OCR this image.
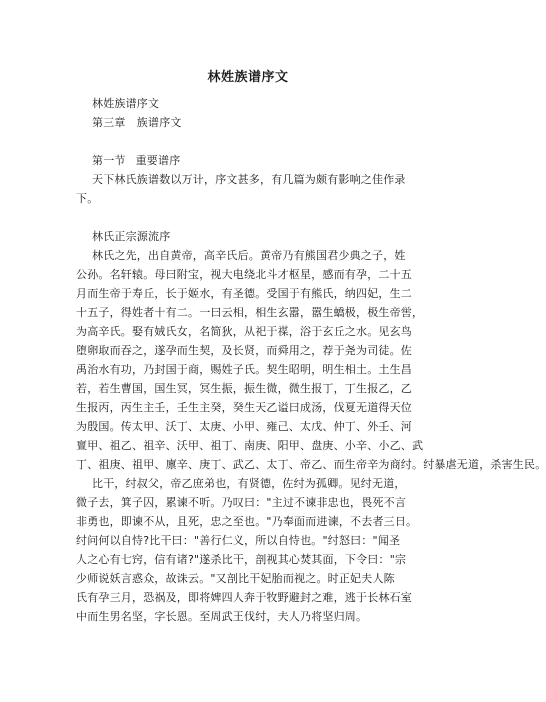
林姓族谱序文
林姓族谱序文
第三章　族谱序文
第一节 重要谱序
天下林氏族谱数以万计，序文甚多，有几篇为颇有影响之佳作录
下。
林氏正宗源流序
林氏之先，出自黄帝，高辛氏后。黄帝乃有熊国君少典之子，姓
公孙。名轩辕。母曰附宝，视大电绕北斗才枢星，感而有孕，二十五
月而生帝于寿丘，长于姬水，有圣德。受国于有熊氏，纳四妃，生二
十五子，得姓者十有二。一曰云相，相生玄嚣，嚣生蟜极，极生帝喾，
为高辛氏。娶有娀氏女，名简狄，从祀于禖，浴于玄丘之水。见玄鸟
堕卵取而吞之，遂孕而生契，及长贤，而舜用之，荐于尧为司徒。佐
禹治水有功，乃封国于商，赐姓子氏。契生昭明，明生相土。土生昌
若，若生曹国，国生冥，冥生振，振生微，微生报丁，丁生报乙，乙
生报丙，丙生主壬，壬生主癸，癸生天乙谥曰成汤，伐夏无道得天位
为殷国。传太甲、沃丁、太庚、小甲、雍己、太戊、仲丁、外壬、河
亶甲、祖乙、祖辛、沃甲、祖丁、南庚、阳甲、盘庚、小辛、小乙、武
丁、祖庚、祖甲、廪辛、庚丁、武乙、太丁、帝乙、而生帝辛为商纣。纣暴虐无道，杀害生民。
比干，纣叔父，帝乙庶弟也，有贤德，佐纣为孤卿。见纣无道，
微子去，箕子囚，累谏不听。乃叹曰："主过不谏非忠也，畏死不言
非勇也，即谏不从，且死，忠之至也。"乃奉面而进谏，不去者三日。
纣问何以自恃?比干曰："善行仁义，所以自恃也。"纣怒曰："闻圣
人之心有七窍，信有诸?"遂杀比干，剖视其心焚其面，下令曰："宗
少师说妖言惑众，故诛云。"又剖比干妃胎而视之。时正妃夫人陈
氏有孕三月，恐祸及，即将婢四人奔于牧野避封之难，逃于长林石室
中而生男名坚，字长恩。至周武王伐纣，夫人乃将坚归周。
